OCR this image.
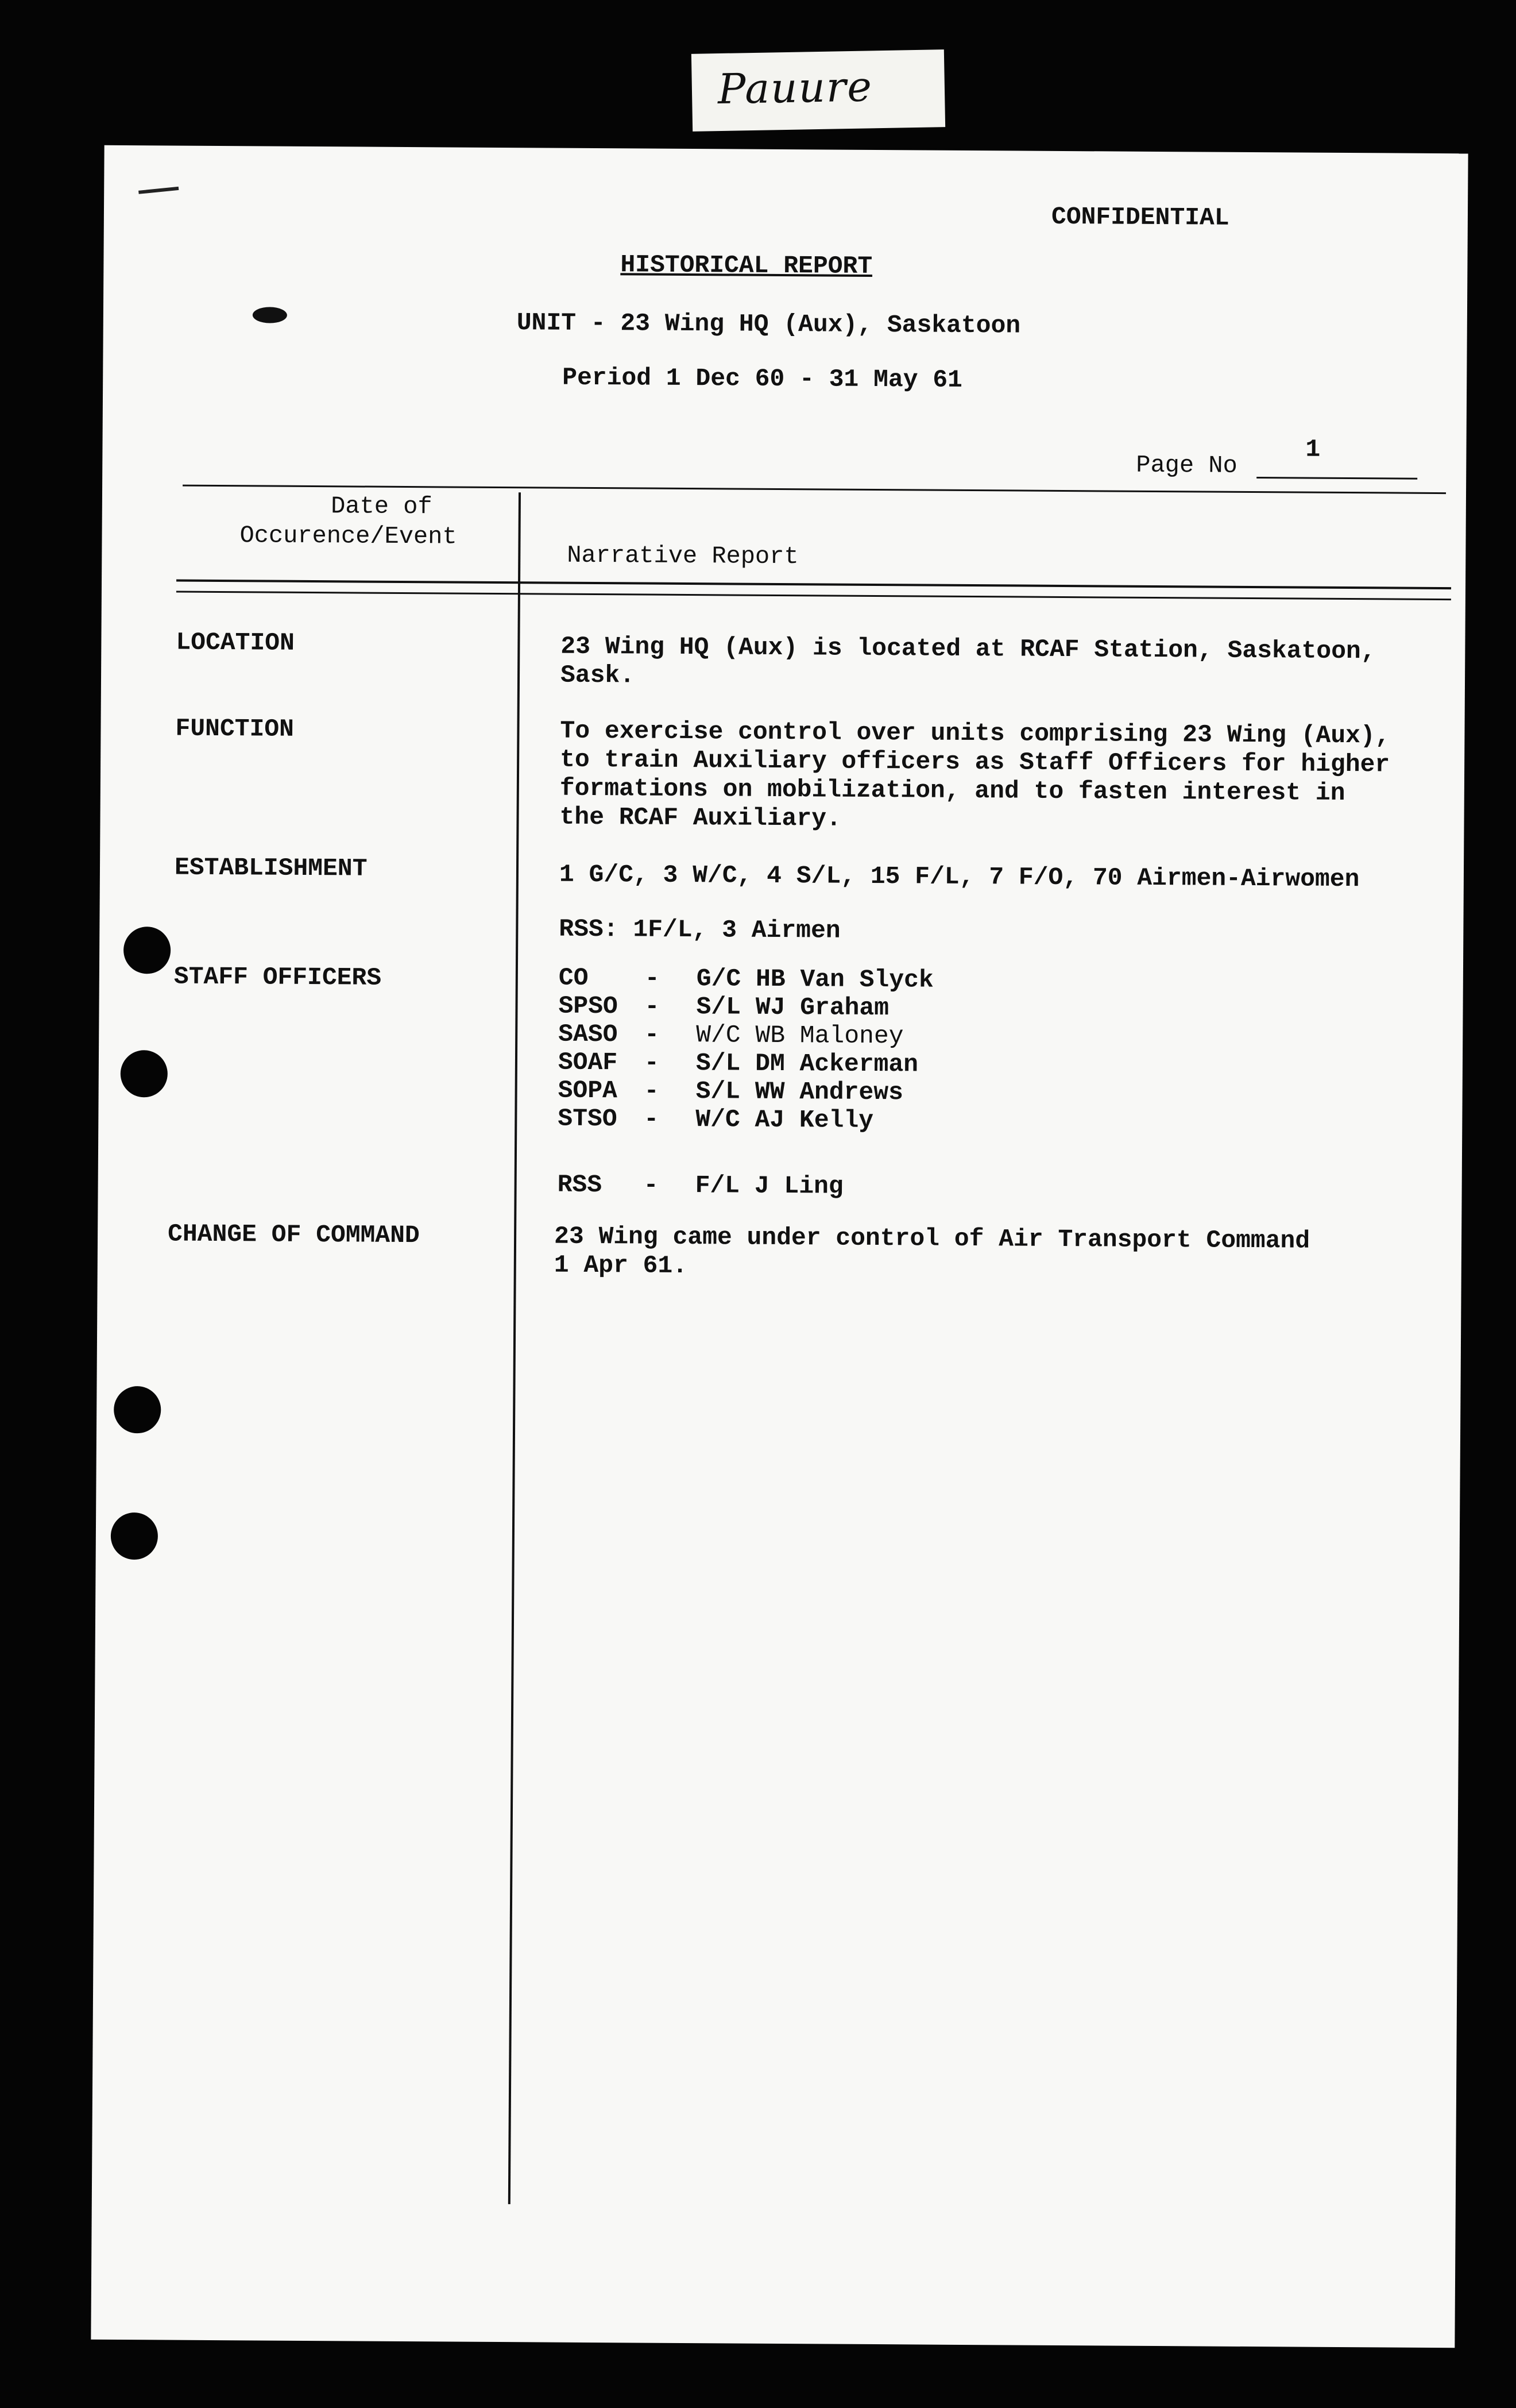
Pauure
CONFIDENTIAL
HISTORICAL REPORT
UNIT - 23 Wing HQ (Aux), Saskatoon
Period 1 Dec 60 - 31 May 61
Page No
1
Date of
Occurence/Event
Narrative Report
LOCATION	23 Wing HQ (Aux) is located at RCAF Station, Saskatoon,
Sask.
FUNCTION	To exercise control over units comprising 23 Wing (Aux),
to train Auxiliary officers as Staff Officers for higher
formations on mobilization, and to fasten interest in
the RCAF Auxiliary.
ESTABLISHMENT	1 G/C, 3 W/C, 4 S/L, 15 F/L, 7 F/O, 70 Airmen-Airwomen
RSS: 1F/L, 3 Airmen
STAFF OFFICERS	CO - G/C HB Van Slyck
SPSO - S/L WJ Graham
SASO - W/C WB Maloney
SOAF - S/L DM Ackerman
SOPA - S/L WW Andrews
STSO - W/C AJ Kelly
RSS - F/L J Ling
CHANGE OF COMMAND	23 Wing came under control of Air Transport Command
1 Apr 61.
